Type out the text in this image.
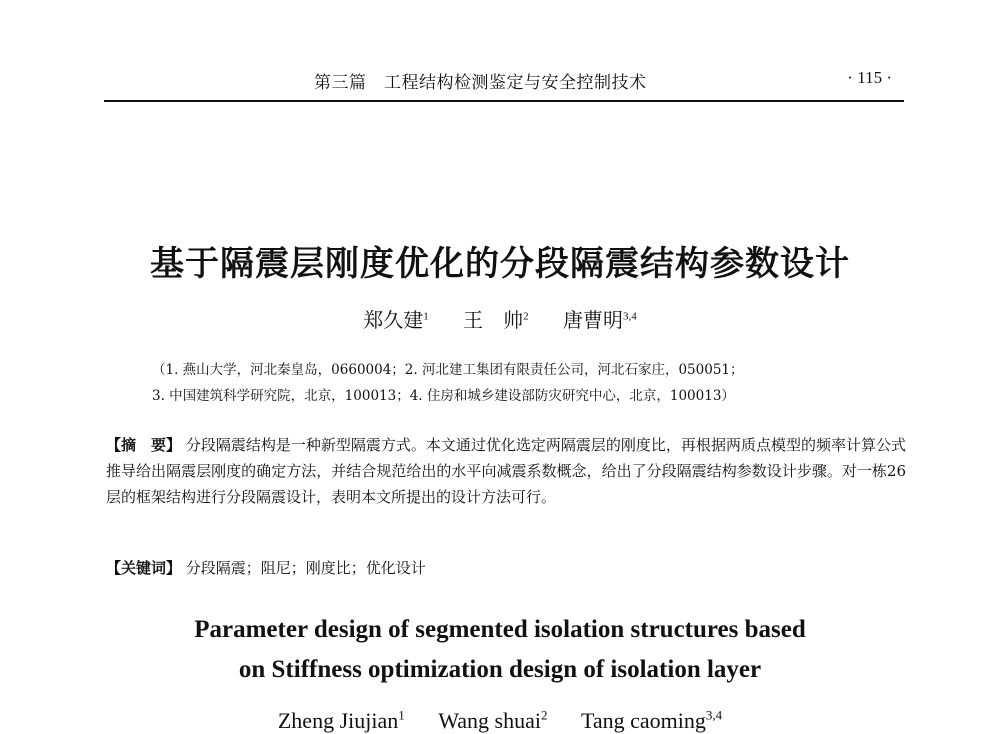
第三篇　工程结构检测鉴定与安全控制技术	· 115 ·
基于隔震层刚度优化的分段隔震结构参数设计
郑久建$^1$ 王　帅$^2$ 唐曹明$^{3,4}$
（1. 燕山大学，河北秦皇岛，0660004；2. 河北建工集团有限责任公司，河北石家庄，050051；
3. 中国建筑科学研究院，北京，100013；4. 住房和城乡建设部防灾研究中心，北京，100013）
【摘　要】 分段隔震结构是一种新型隔震方式。本文通过优化选定两隔震层的刚度比，再根据两质点模型的频率计算公式推导给出隔震层刚度的确定方法，并结合规范给出的水平向减震系数概念，给出了分段隔震结构参数设计步骤。对一栋26层的框架结构进行分段隔震设计，表明本文所提出的设计方法可行。
【关键词】 分段隔震；阻尼；刚度比；优化设计
Parameter design of segmented isolation structures based
on Stiffness optimization design of isolation layer
Zheng Jiujian$^1$ Wang shuai$^2$ Tang caoming$^{3,4}$
